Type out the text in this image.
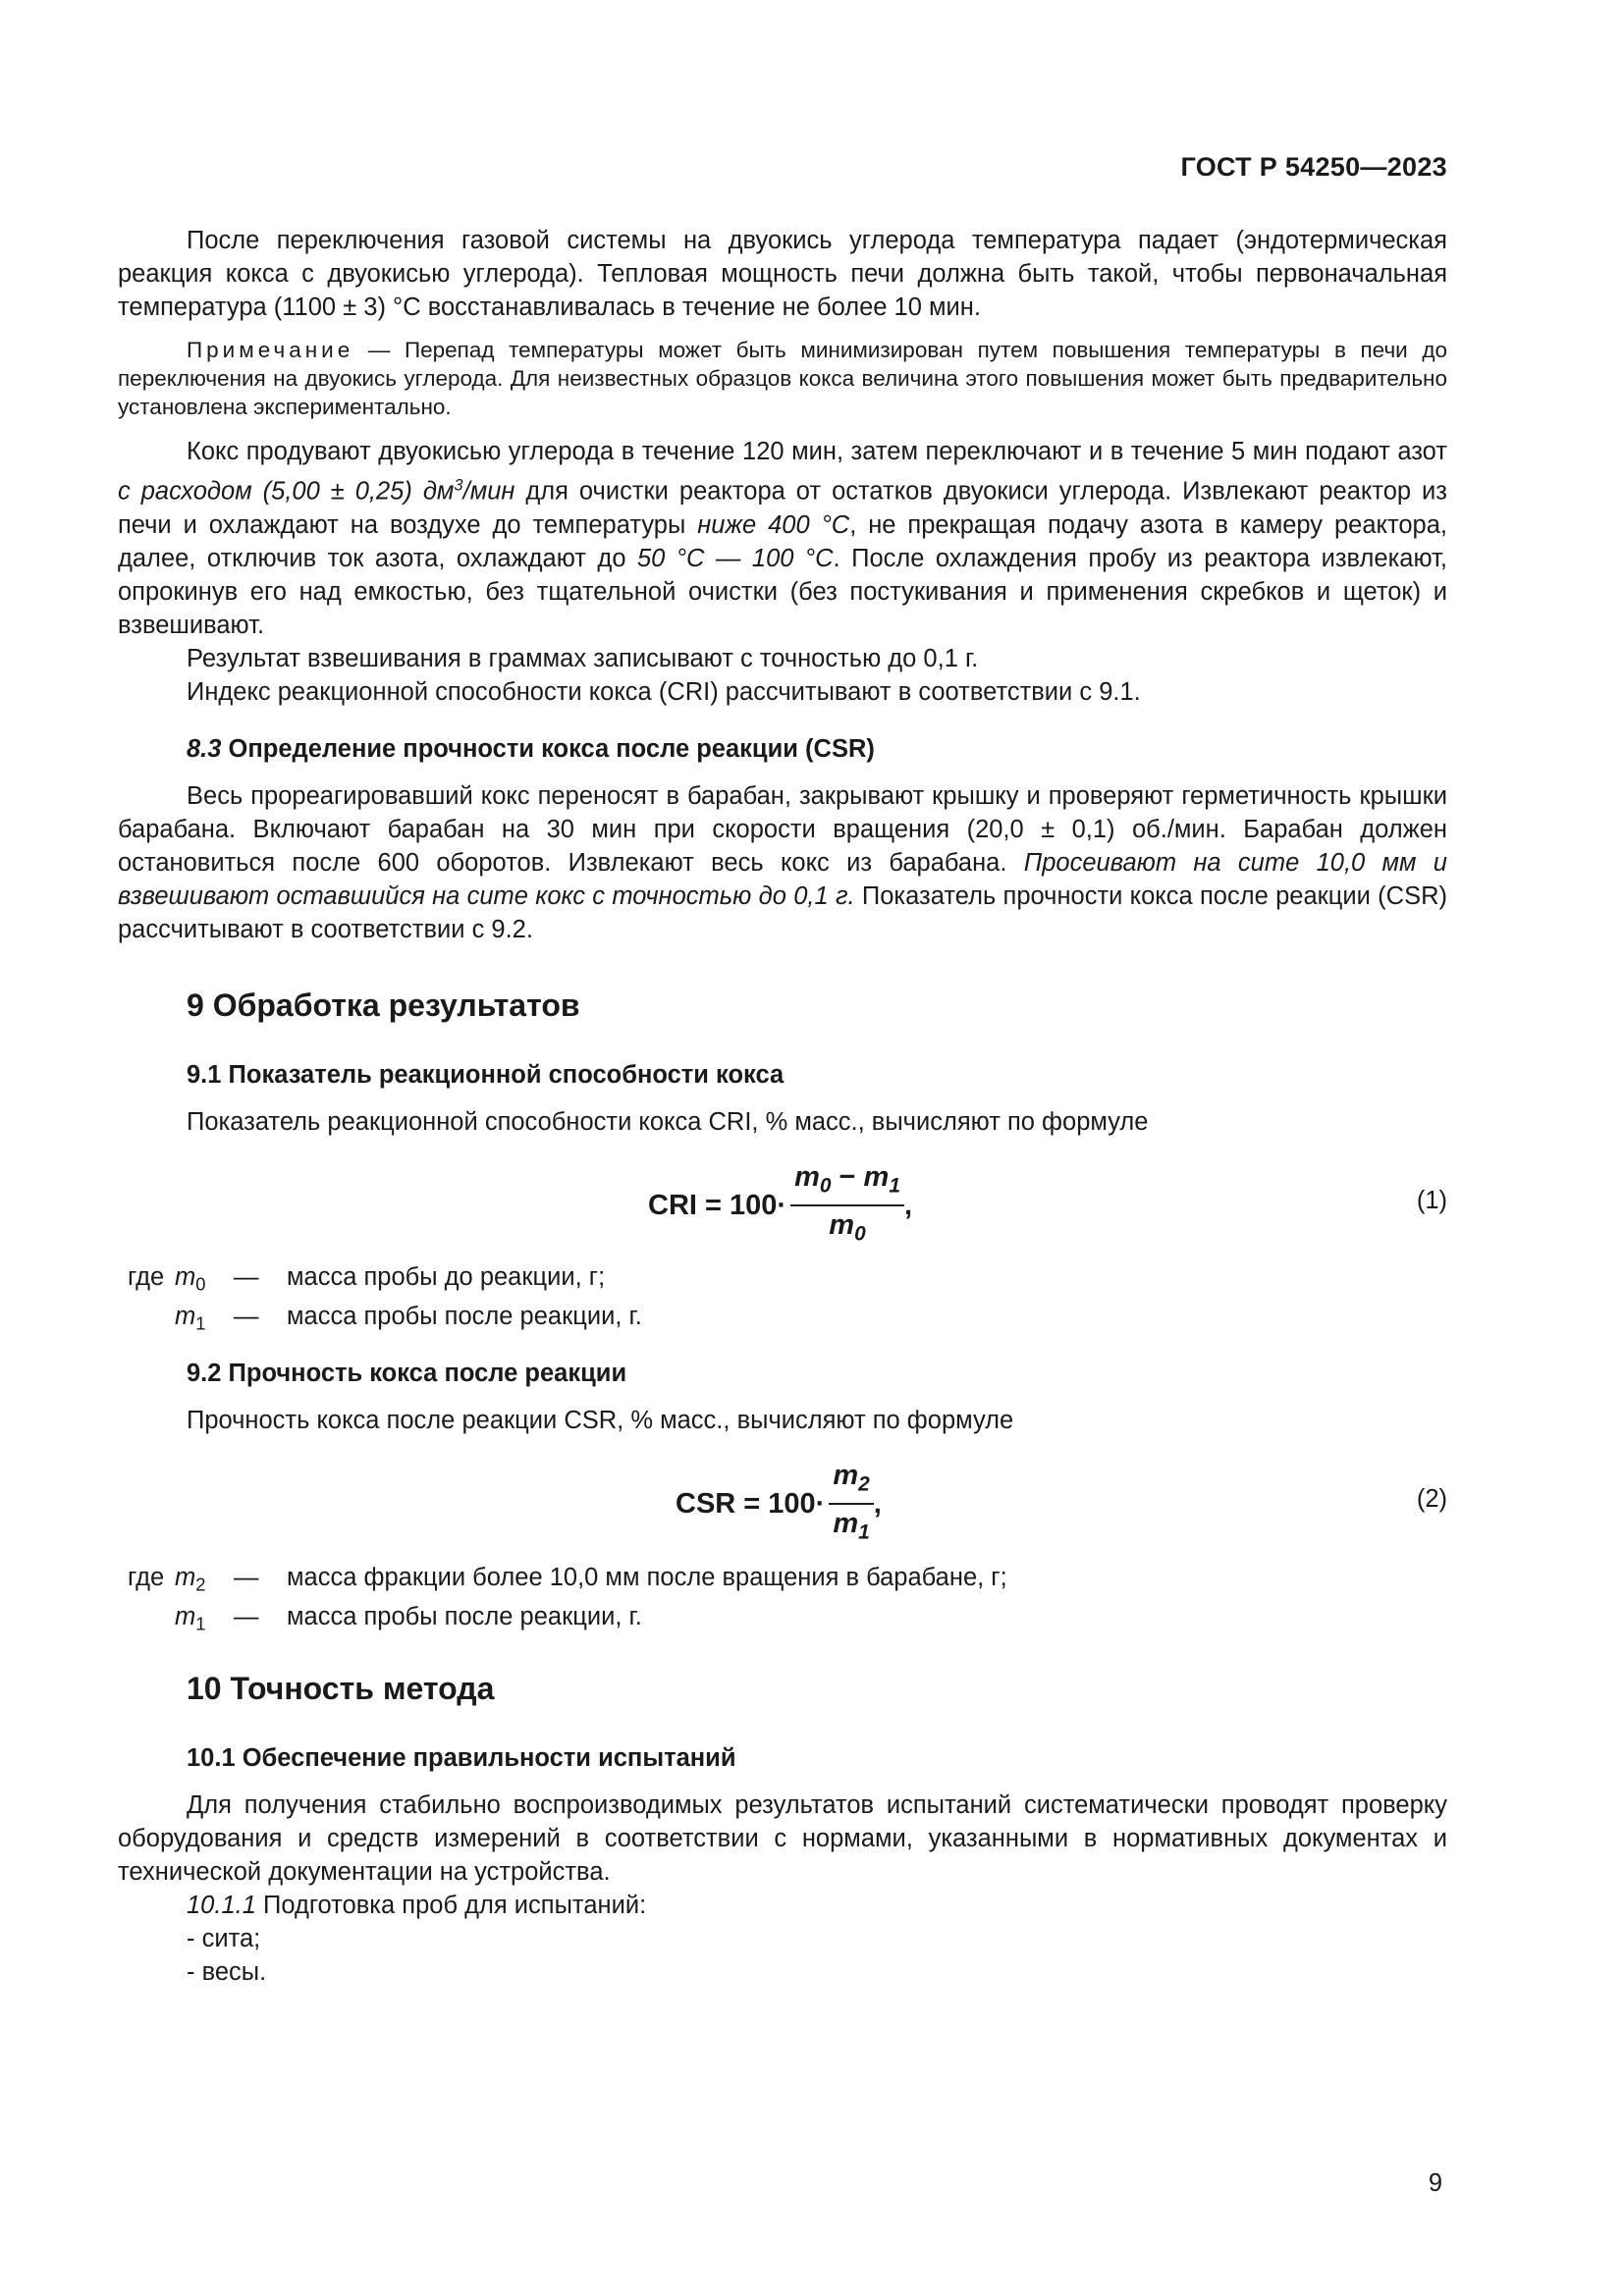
ГОСТ Р 54250—2023

После переключения газовой системы на двуокись углерода температура падает (эндотермическая реакция кокса с двуокисью углерода). Тепловая мощность печи должна быть такой, чтобы первоначальная температура (1100 ± 3) °С восстанавливалась в течение не более 10 мин.

Примечание — Перепад температуры может быть минимизирован путем повышения температуры в печи до переключения на двуокись углерода. Для неизвестных образцов кокса величина этого повышения может быть предварительно установлена экспериментально.

Кокс продувают двуокисью углерода в течение 120 мин, затем переключают и в течение 5 мин подают азот с расходом (5,00 ± 0,25) $дм^3$/мин для очистки реактора от остатков двуокиси углерода. Извлекают реактор из печи и охлаждают на воздухе до температуры ниже 400 °С, не прекращая подачу азота в камеру реактора, далее, отключив ток азота, охлаждают до 50 °С — 100 °С. После охлаждения пробу из реактора извлекают, опрокинув его над емкостью, без тщательной очистки (без постукивания и применения скребков и щеток) и взвешивают.

Результат взвешивания в граммах записывают с точностью до 0,1 г.

Индекс реакционной способности кокса (CRI) рассчитывают в соответствии с 9.1.

8.3 Определение прочности кокса после реакции (CSR)

Весь прореагировавший кокс переносят в барабан, закрывают крышку и проверяют герметичность крышки барабана. Включают барабан на 30 мин при скорости вращения (20,0 ± 0,1) об./мин. Барабан должен остановиться после 600 оборотов. Извлекают весь кокс из барабана. Просеивают на сите 10,0 мм и взвешивают оставшийся на сите кокс с точностью до 0,1 г. Показатель прочности кокса после реакции (CSR) рассчитывают в соответствии с 9.2.

9 Обработка результатов

9.1 Показатель реакционной способности кокса

Показатель реакционной способности кокса CRI, % масс., вычисляют по формуле

CRI = $100\cdot \frac{m_0 - m_1}{m_0}$ ,	(1)
где $m_0$ — масса пробы до реакции, г;
$m_1$ — масса пробы после реакции, г.

9.2 Прочность кокса после реакции

Прочность кокса после реакции CSR, % масс., вычисляют по формуле

CSR = $100\cdot \frac{m_2}{m_1}$ ,	(2)
где $m_2$ — масса фракции более 10,0 мм после вращения в барабане, г;
$m_1$ — масса пробы после реакции, г.

10 Точность метода

10.1 Обеспечение правильности испытаний

Для получения стабильно воспроизводимых результатов испытаний систематически проводят проверку оборудования и средств измерений в соответствии с нормами, указанными в нормативных документах и технической документации на устройства.

10.1.1 Подготовка проб для испытаний:

- сита;

- весы.

9
